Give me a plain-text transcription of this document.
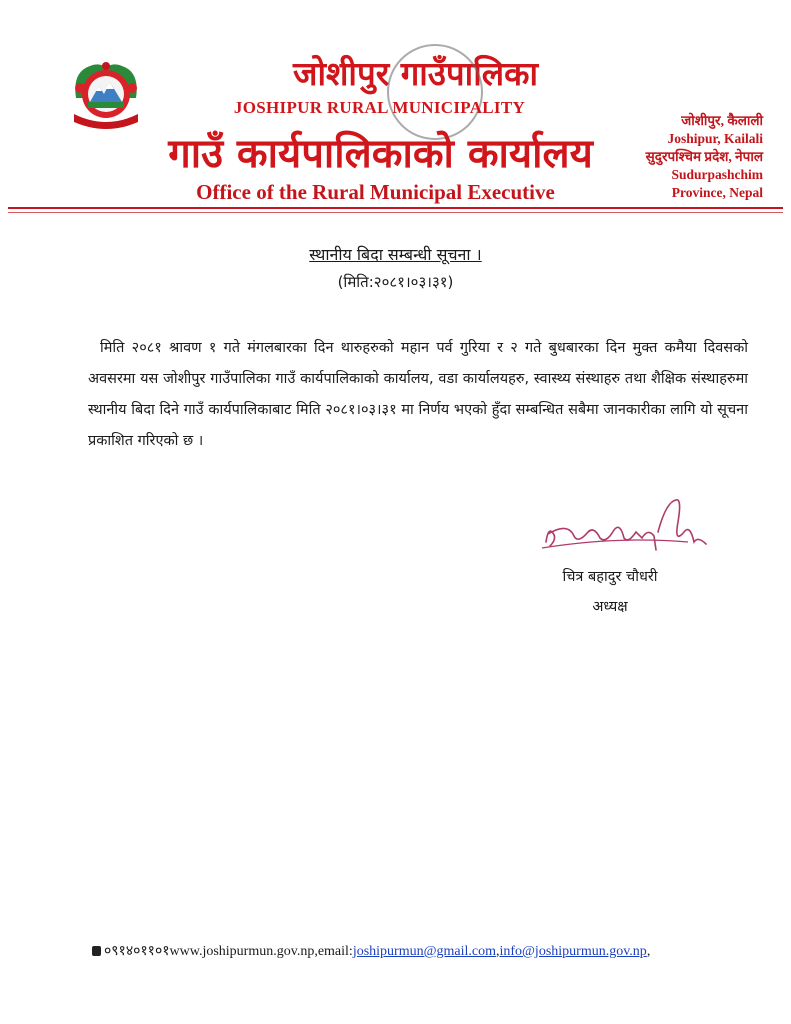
जोशीपुर गाउँपालिका
JOSHIPUR RURAL MUNICIPALITY
गाउँ कार्यपालिकाको कार्यालय
Office of the Rural Municipal Executive
जोशीपुर, कैलाली
Joshipur, Kailali
सुदुरपश्चिम प्रदेश, नेपाल
Sudurpashchim
Province, Nepal
स्थानीय बिदा सम्बन्धी सूचना ।
(मिति:२०८१।०३।३१)
मिति २०८१ श्रावण १ गते मंगलबारका दिन थारुहरुको महान पर्व गुरिया र २ गते बुधबारका दिन मुक्त कमैया दिवसको अवसरमा यस जोशीपुर गाउँपालिका गाउँ कार्यपालिकाको कार्यालय, वडा कार्यालयहरु, स्वास्थ्य संस्थाहरु तथा शैक्षिक संस्थाहरुमा स्थानीय बिदा दिने गाउँ कार्यपालिकाबाट मिति २०८१।०३।३१ मा निर्णय भएको हुँदा सम्बन्धित सबैमा जानकारीका लागि यो सूचना प्रकाशित गरिएको छ ।
चित्र बहादुर चौधरी
अध्यक्ष
०९१४०११०१www.joshipurmun.gov.np,email:joshipurmun@gmail.com,info@joshipurmun.gov.np,
